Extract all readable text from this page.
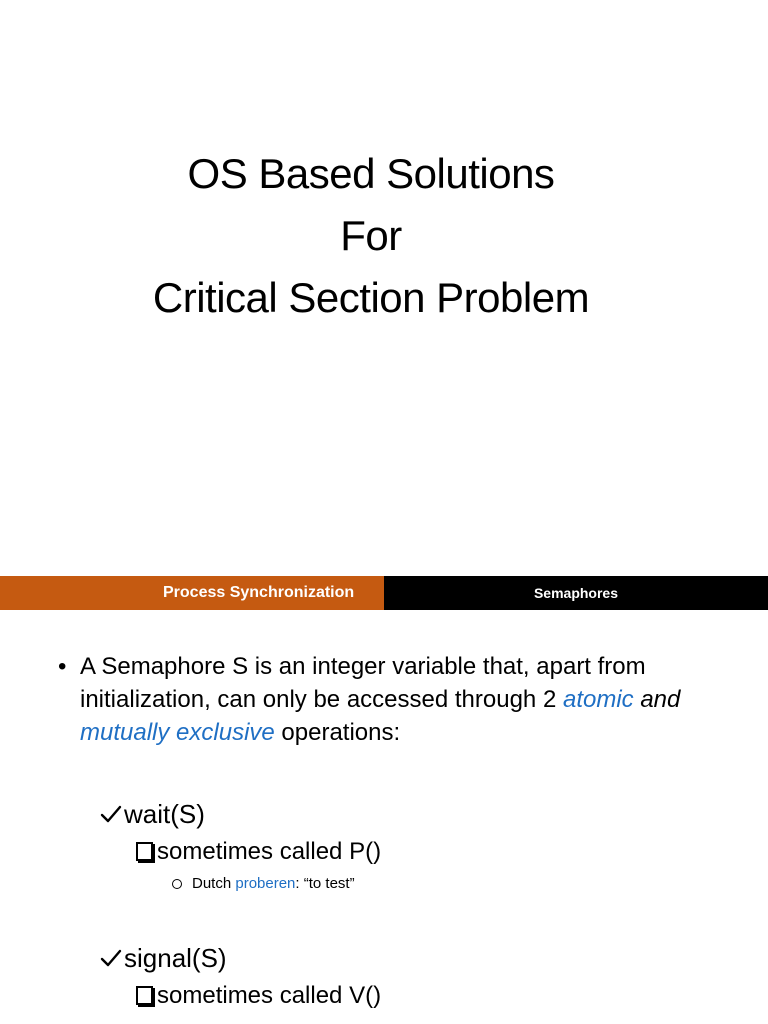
OS Based Solutions
For
Critical Section Problem
Process Synchronization	Semaphores

• A Semaphore S is an integer variable that, apart from initialization, can only be accessed through 2 atomic and mutually exclusive operations:

wait(S)
sometimes called P()
Dutch
proberen : “to test”
signal(S)
sometimes called V()
